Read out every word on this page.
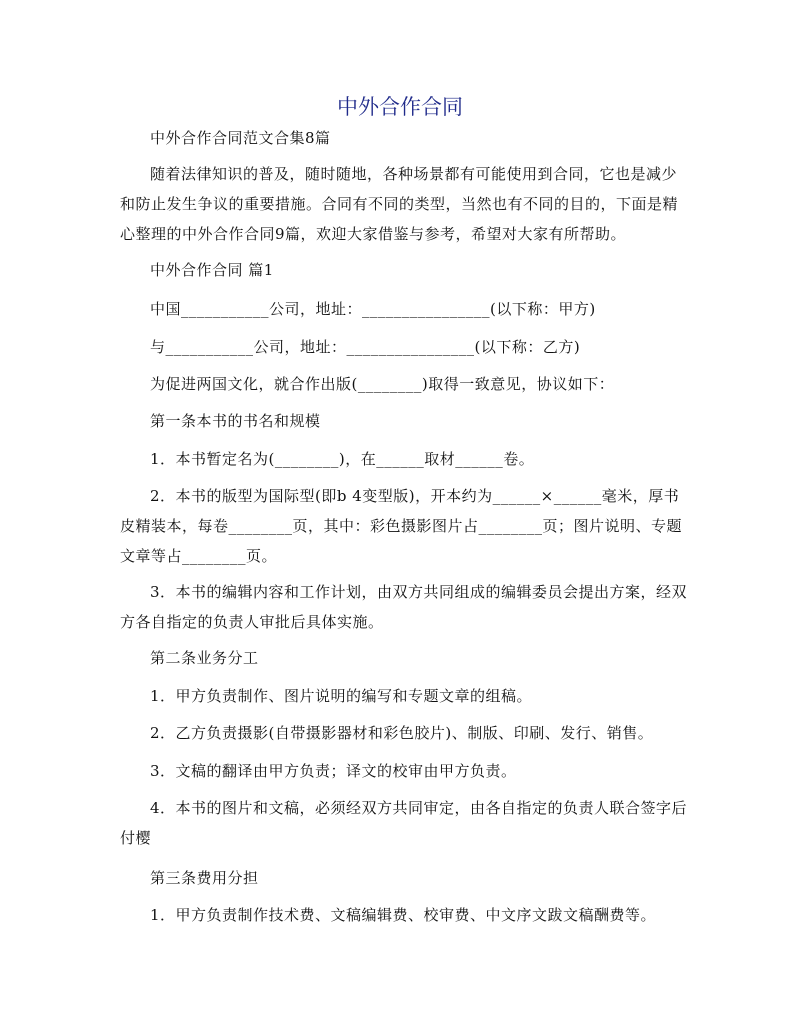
中外合作合同

中外合作合同范文合集8篇

随着法律知识的普及，随时随地，各种场景都有可能使用到合同，它也是减少和防止发生争议的重要措施。合同有不同的类型，当然也有不同的目的，下面是精心整理的中外合作合同9篇，欢迎大家借鉴与参考，希望对大家有所帮助。

中外合作合同 篇1

中国___________公司，地址：________________(以下称：甲方)

与___________公司，地址：________________(以下称：乙方)

为促进两国文化，就合作出版(________)取得一致意见，协议如下：

第一条本书的书名和规模

1．本书暂定名为(________)，在______取材______卷。

2．本书的版型为国际型(即b 4变型版)，开本约为______×______毫米，厚书皮精装本，每卷________页，其中：彩色摄影图片占________页；图片说明、专题文章等占________页。

3．本书的编辑内容和工作计划，由双方共同组成的编辑委员会提出方案，经双方各自指定的负责人审批后具体实施。

第二条业务分工

1．甲方负责制作、图片说明的编写和专题文章的组稿。

2．乙方负责摄影(自带摄影器材和彩色胶片)、制版、印刷、发行、销售。

3．文稿的翻译由甲方负责；译文的校审由甲方负责。

4．本书的图片和文稿，必须经双方共同审定，由各自指定的负责人联合签字后付樱

第三条费用分担

1．甲方负责制作技术费、文稿编辑费、校审费、中文序文跋文稿酬费等。
